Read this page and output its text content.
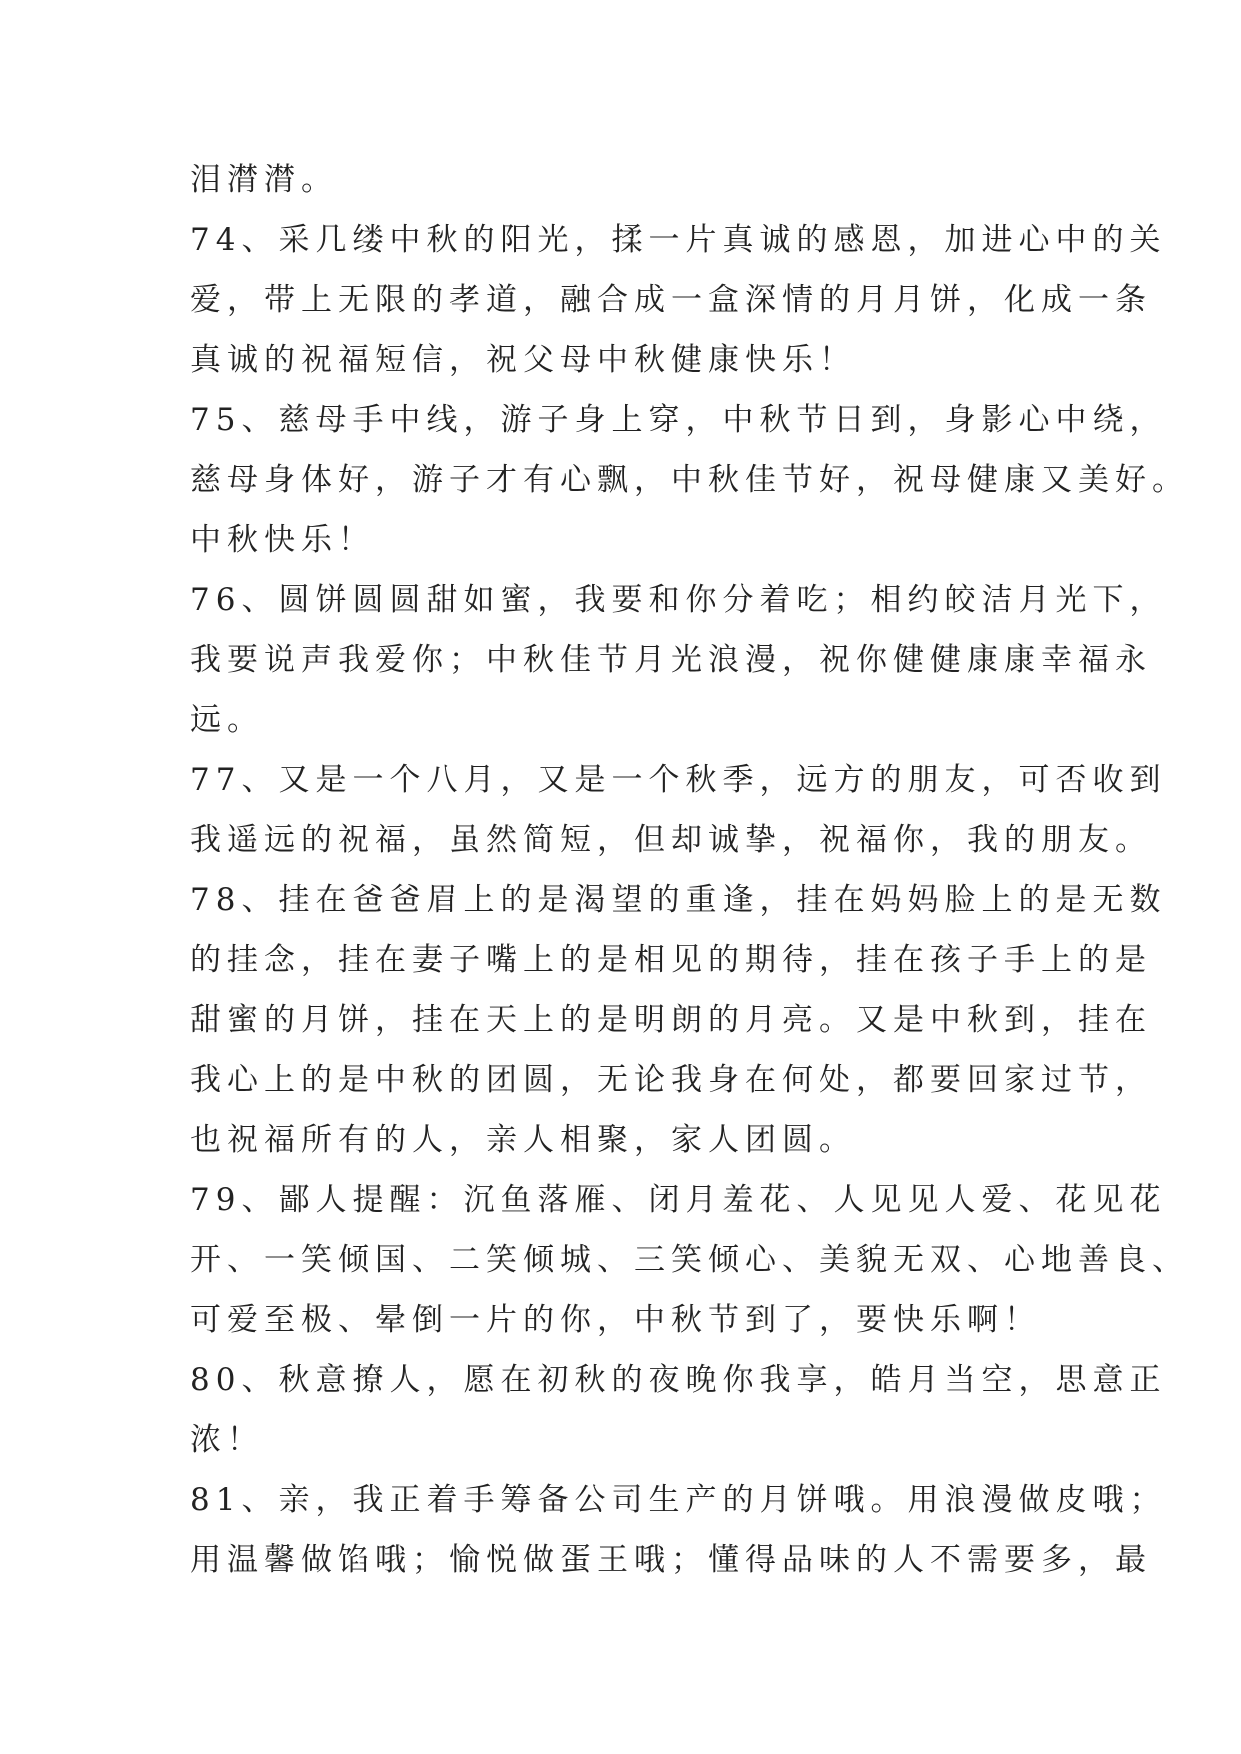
泪潸潸。
74、采几缕中秋的阳光，揉一片真诚的感恩，加进心中的关
爱，带上无限的孝道，融合成一盒深情的月月饼，化成一条
真诚的祝福短信，祝父母中秋健康快乐！
75、慈母手中线，游子身上穿，中秋节日到，身影心中绕，
慈母身体好，游子才有心飘，中秋佳节好，祝母健康又美好。
中秋快乐！
76、圆饼圆圆甜如蜜，我要和你分着吃；相约皎洁月光下，
我要说声我爱你；中秋佳节月光浪漫，祝你健健康康幸福永
远。
77、又是一个八月，又是一个秋季，远方的朋友，可否收到
我遥远的祝福，虽然简短，但却诚挚，祝福你，我的朋友。
78、挂在爸爸眉上的是渴望的重逢，挂在妈妈脸上的是无数
的挂念，挂在妻子嘴上的是相见的期待，挂在孩子手上的是
甜蜜的月饼，挂在天上的是明朗的月亮。又是中秋到，挂在
我心上的是中秋的团圆，无论我身在何处，都要回家过节，
也祝福所有的人，亲人相聚，家人团圆。
79、鄙人提醒：沉鱼落雁、闭月羞花、人见见人爱、花见花
开、一笑倾国、二笑倾城、三笑倾心、美貌无双、心地善良、
可爱至极、晕倒一片的你，中秋节到了，要快乐啊！
80、秋意撩人，愿在初秋的夜晚你我享，皓月当空，思意正
浓！
81、亲，我正着手筹备公司生产的月饼哦。用浪漫做皮哦；
用温馨做馅哦；愉悦做蛋王哦；懂得品味的人不需要多，最
